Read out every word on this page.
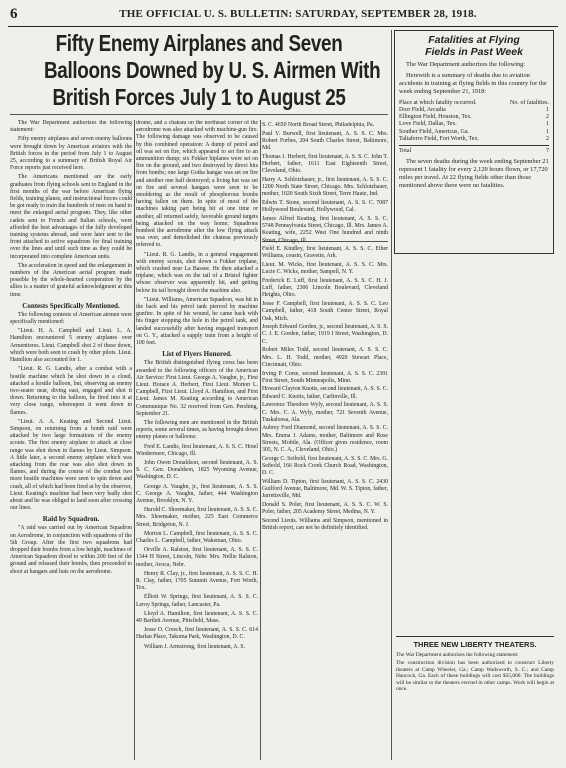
6	THE OFFICIAL U. S. BULLETIN: SATURDAY, SEPTEMBER 28, 1918.
Fifty Enemy Airplanes and Seven
Balloons Downed by U. S. Airmen With
British Forces July 1 to August 25

The War Department authorizes the following statement:

Fifty enemy airplanes and seven enemy balloons were brought down by American aviators with the British forces in the period from July 1 to August 25, according to a summary of British Royal Air Force reports just received here.

The Americans mentioned are the early graduates from flying schools sent to England in the first months of the war before American flying fields, training planes, and instructional forces could be got ready to train the hundreds of men on hand to meet the enlarged aerial program. They, like other cadets sent to French and Italian schools, were afforded the best advantages of the fully developed training systems abroad, and were later sent to the front attached to active squadrons for final training over the lines and until such time as they could be incorporated into complete American units.

The acceleration in speed and the enlargement in numbers of the American aerial program made possible by the whole-hearted cooperation by the allies is a matter of grateful acknowledgment at this time.

Contests Specifically Mentioned.

The following contests of American airmen were specifically mentioned:

"Lieut. H. A. Campbell and Lieut. L. A. Hamilton encountered 5 enemy airplanes over Armentieres. Lieut. Campbell shot 2 of these down, which were both seen to crash by other pilots. Lieut. Hamilton also accounted for 1.

"Lieut. R. G. Landis, after a combat with a hostile machine which he shot down in a cloud, attacked a hostile balloon, but, observing an enemy two-seater near, diving east, engaged and shot it down. Returning to the balloon, he fired into it at very close range, whereupon it went down in flames.

"Lieut. A. A. Keating and Second Lieut. Simpson, on returning from a bomb raid were attacked by two large formations of the enemy scouts. The first enemy airplane to attack at close range was shot down in flames by Lieut. Simpson. A little later, a second enemy airplane which was attacking from the rear was also shot down in flames, and during the course of the combat two more hostile machines were seen to spin down and crash, all of which had been fired at by the observer, Lieut. Keating's machine had been very badly shot about and he was obliged to land soon after crossing our lines.

Raid by Squadron.

"A raid was carried out by American Squadron on Aerodrome, in conjunction with squadrons of the 5th Group. After the first two squadrons had dropped their bombs from a low height, machines of American Squadron dived to within 200 feet of the ground and released their bombs, then proceeded to shoot at hangars and huts on the aerodrome.

drome, and a chateau on the northeast corner of the aerodrome was also attacked with machine-gun fire. The following damage was observed to be caused by this combined operation: A dump of petrol and oil was set on fire, which appeared to set fire to an ammunition dump; six Fokker biplanes were set on fire on the ground, and two destroyed by direct hits from bombs; one large Gotha hangar was set on fire and another one half destroyed; a living hut was set on fire and several hangars were seen to be smoldering as the result of phosphorous bombs having fallen on them. In spite of most of the machines taking part being hit at one time or another, all returned safely, favorable ground targets being attacked on the way home; Squadrons bombed the aerodrome after the low flying attack was over, and demolished the chateau previously referred to.

"Lieut. R. G. Landis, in a general engagement with enemy scouts, shot down a Fokker triplane, which crashed near La Bassee. He then attacked a triplane, which was on the tail of a Bristol fighter whose observer was apparently hit, and getting below its tail brought down the machine also.

"Lieut. Williams, American Squadron, was hit in the back and his petrol tank pierced by machine gunfire. In spite of his wound, he came back with his finger stopping the hole in the petrol tank, and landed successfully after having engaged transport on G. Y., attacked a supply train from a height of 100 feet.

List of Flyers Honored.

The British distinguished flying cross has been awarded to the following officers of the American Air Service: First Lieut. George A. Vaughn, jr., First Lieut. Horace A. Herbert, First Lieut. Morton L. Campbell, First Lieut. Lloyd A. Hamilton, and First Lieut. James M. Keating according to American Communique No. 32 received from Gen. Pershing, September 21.

The following men are mentioned in the British reports, some several times, as having brought down enemy planes or balloons:

Fred E. Landis, first lieutenant, A. S. S. C. Hotel Windermere, Chicago, Ill.

John Owen Donaldson, second lieutenant, A. S. S. C. Gen. Donaldson, 1825 Wyoming Avenue, Washington, D. C.

George A. Vaughn, jr., first lieutenant, A. S. S. C. George A. Vaughn, father, 444 Washington Avenue, Brooklyn, N. Y.

Harold C. Shoemaker, first lieutenant, A. S. S. C. Mrs. Shoemaker, mother, 225 East Commerce Street, Bridgeton, N. J.

Morton L. Campbell, first lieutenant, A. S. S. C. Charles L. Campbell, father, Wakeman, Ohio.

Orville A. Ralston, first lieutenant, A. S. S. C. 1344 H Street, Lincoln, Nebr. Mrs. Nellie Ralston, mother, Avoca, Nebr.

Henry R. Clay, jr., first lieutenant, A. S. S. C. H. R. Clay, father, 1705 Summit Avenue, Fort Worth, Tex.

Elliott W. Springs, first lieutenant, A. S. S. C. Leroy Springs, father, Lancaster, Pa.

Lloyd A. Hamilton, first lieutenant, A. S. S. C. 49 Bartlett Avenue, Pittsfield, Mass.

Jesse O. Creech, first lieutenant, A. S. S. C. 614 Harlan Place, Takoma Park, Washington, D. C.

William J. Armstrong, first lieutenant, A. S.

S. C. 4650 North Broad Street, Philadelphia, Pa.

Paul V. Burwell, first lieutenant, A. S. S. C. Mrs. Robert Forbes, 204 South Charles Street, Baltimore, Md.

Thomas J. Herbert, first lieutenant, A. S. S. C. John T. Herbert, father, 1611 East Eighteenth Street, Cleveland, Ohio.

Harry A. Schlotzhauer, jr., first lieutenant, A. S. S. C. 1200 North State Street, Chicago. Mrs. Schlotzhauer, mother, 1020 South Sixth Street, Terre Haute, Ind.

Edwin T. Stone, second lieutenant, A. S. S. C. 7087 Hollywood Boulevard, Hollywood, Cal.

James Alfred Keating, first lieutenant, A. S. S. C. 5748 Pennsylvania Street, Chicago, Ill. Mrs. James A. Keating, wife, 2252 West One hundred and ninth Street, Chicago, Ill.

Field E. Kindley, first lieutenant, A. S. S. C. Ether Williams, cousin, Gravette, Ark.

Lieut. M. Wicks, first lieutenant, A. S. S. C. Mrs. Lucie C. Wicks, mother, Sampell, N. Y.

Frederick E. Luff, first lieutenant, A. S. S. C. H. J. Luff, father, 2306 Lincoln Boulevard, Cleveland Heights, Ohio.

Jesse F. Campbell, first lieutenant, A. S. S. C. Leo Campbell, father, 418 South Center Street, Royal Oak, Mich.

Joseph Edward Gorden, jr., second lieutenant, A. S. S. C. J. E. Gorden, father, 1919 I Street, Washington, D. C.

Robert Miles Todd, second lieutenant, A. S. S. C. Mrs. L. H. Todd, mother, 4920 Stewart Place, Cincinnati, Ohio.

Irving P. Corse, second lieutenant, A. S. S. C. 2301 First Street, South Minneapolis, Minn.

Howard Clayton Knotts, second lieutenant, A. S. S. C. Edward C. Knotts, father, Carlinville, Ill.

Lawrence Theodore Wyly, second lieutenant, A. S. S. C. Mrs. C. A. Wyly, mother, 721 Seventh Avenue, Tuskaloosa, Ala.

Aubrey Ford Diamond, second lieutenant, A. S. S. C. Mrs. Emma J. Adams, mother, Baltimore and Rose Streets, Mobile, Ala. (Officer gives residence, room 305, N. C. A., Cleveland, Ohio.)

George C. Seibold, first lieutenant, A. S. S. C. Mrs. G. Seibold, 166 Rock Creek Church Road, Washington, D. C.

William D. Tipton, first lieutenant, A. S. S. C. 2430 Guilford Avenue, Baltimore, Md. W. S. Tipton, father, Jarrettsville, Md.

Donald S. Poler, first lieutenant, A. S. S. C. W. S. Poler, father, 205 Academy Street, Medina, N. Y.

Second Lieuts. Williams and Simpson, mentioned in British report, can not be definitely identified.

Fatalities at Flying
Fields in Past Week

The War Department authorizes the following:

Herewith is a summary of deaths due to aviation accidents in training at flying fields in this country for the week ending September 21, 1918:

Place at which fatality occurred.	No. of fatalities.
Dorr Field, Arcadia	1
Ellington Field, Houston, Tex.	2
Love Field, Dallas, Tex.	1
Souther Field, Americus, Ga.	1
Taliaferro Field, Fort Worth, Tex.	2
Total	7

The seven deaths during the week ending September 21 represent 1 fatality for every 2,129 hours flown, or 17,720 miles per travel. At 22 flying fields other than those mentioned above there were no fatalities.

THREE NEW LIBERTY THEATERS.

The War Department authorizes the following statement:

The construction division has been authorized to construct Liberty theaters at Camp Wheeler, Ga.; Camp Wadsworth, S. C.; and Camp Hancock, Ga. Each of these buildings will cost $35,000. The buildings will be similar to the theaters erected in other camps. Work will begin at once.
